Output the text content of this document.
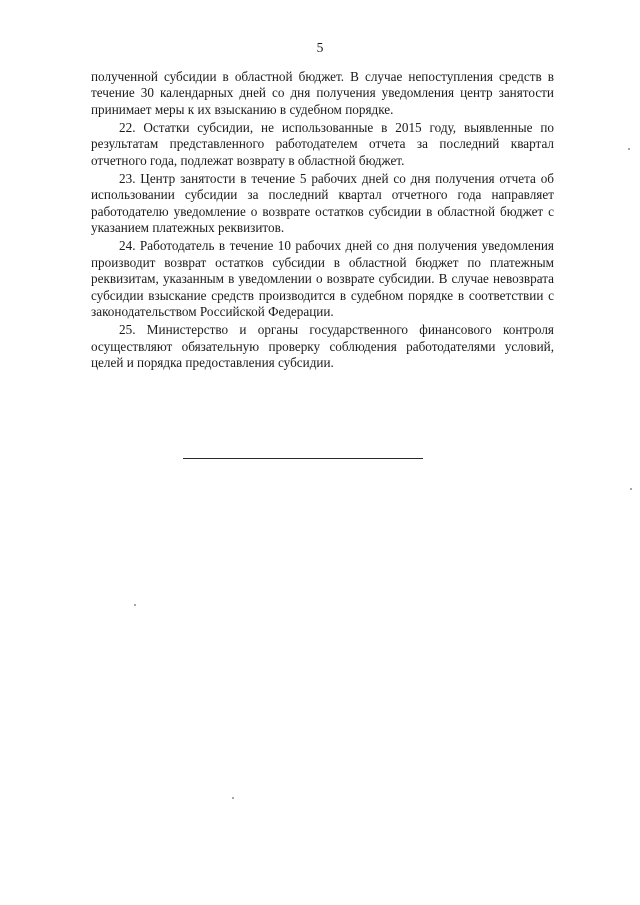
5

полученной субсидии в областной бюджет. В случае непоступления средств в течение 30 календарных дней со дня получения уведомления центр занятости принимает меры к их взысканию в судебном порядке.

22. Остатки субсидии, не использованные в 2015 году, выявленные по результатам представленного работодателем отчета за последний квартал отчетного года, подлежат возврату в областной бюджет.

23. Центр занятости в течение 5 рабочих дней со дня получения отчета об использовании субсидии за последний квартал отчетного года направляет работодателю уведомление о возврате остатков субсидии в областной бюджет с указанием платежных реквизитов.

24. Работодатель в течение 10 рабочих дней со дня получения уведомления производит возврат остатков субсидии в областной бюджет по платежным реквизитам, указанным в уведомлении о возврате субсидии. В случае невозврата субсидии взыскание средств производится в судебном порядке в соответствии с законодательством Российской Федерации.

25. Министерство и органы государственного финансового контроля осуществляют обязательную проверку соблюдения работодателями условий, целей и порядка предоставления субсидии.
